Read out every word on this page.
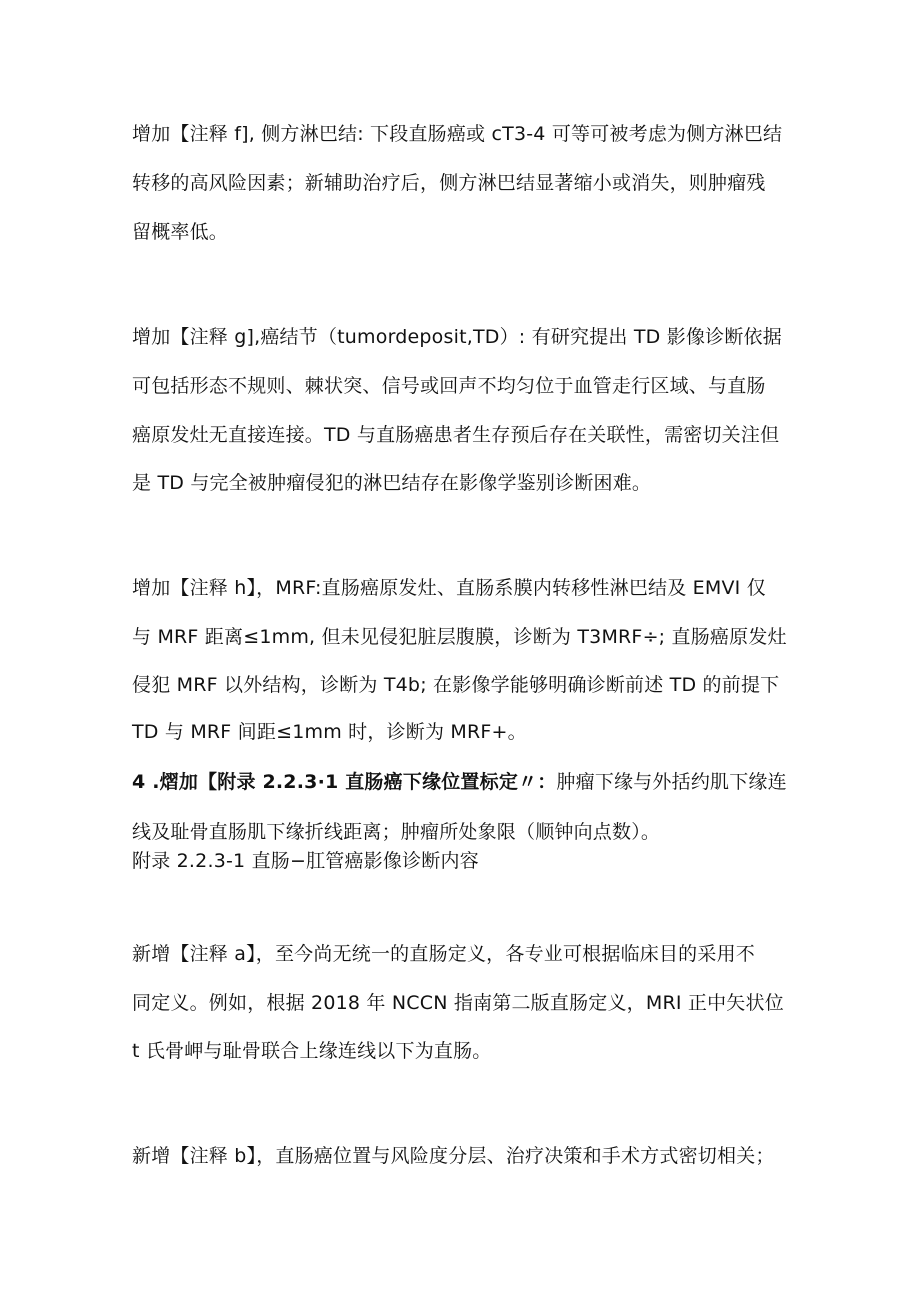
增加【注释 f], 侧方淋巴结: 下段直肠癌或 cT3-4 可等可被考虑为侧方淋巴结
转移的高风险因素；新辅助治疗后，侧方淋巴结显著缩小或消失，则肿瘤残
留概率低。
增加【注释 g],癌结节（tumordeposit,TD）: 有研究提出 TD 影像诊断依据
可包括形态不规则、棘状突、信号或回声不均匀位于血管走行区域、与直肠
癌原发灶无直接连接。TD 与直肠癌患者生存预后存在关联性，需密切关注但
是 TD 与完全被肿瘤侵犯的淋巴结存在影像学鉴别诊断困难。
增加【注释 h】，MRF:直肠癌原发灶、直肠系膜内转移性淋巴结及 EMVI 仅
与 MRF 距离≤1mm, 但未见侵犯脏层腹膜，诊断为 T3MRF÷; 直肠癌原发灶
侵犯 MRF 以外结构，诊断为 T4b; 在影像学能够明确诊断前述 TD 的前提下
TD 与 MRF 间距≤1mm 时，诊断为 MRF+。
4 .熠加【附录 2.2.3·1 直肠癌下缘位置标定〃：肿瘤下缘与外括约肌下缘连
线及耻骨直肠肌下缘折线距离；肿瘤所处象限（顺钟向点数）。
附录 2.2.3-1 直肠−肛管癌影像诊断内容
新增【注释 a】，至今尚无统一的直肠定义，各专业可根据临床目的采用不
同定义。例如，根据 2018 年 NCCN 指南第二版直肠定义，MRI 正中矢状位
t 氏骨岬与耻骨联合上缘连线以下为直肠。
新增【注释 b】，直肠癌位置与风险度分层、治疗决策和手术方式密切相关；
